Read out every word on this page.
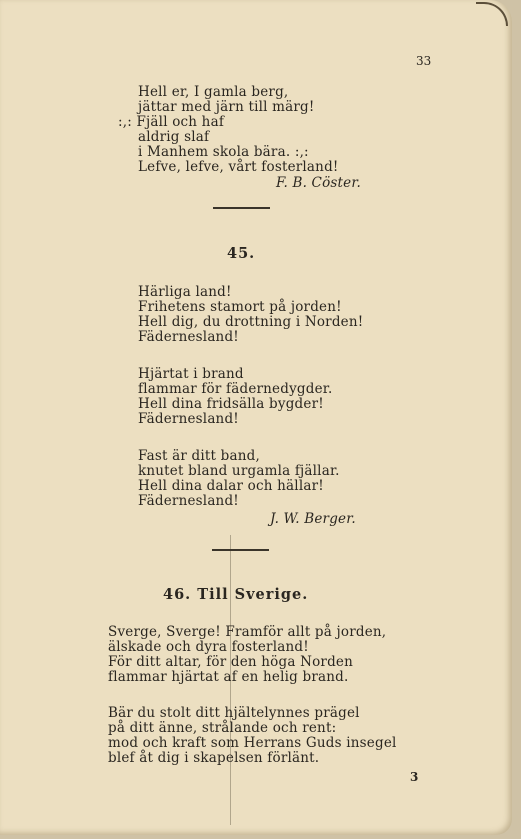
33
Hell er, I gamla berg,
jättar med järn till märg!
:,: Fjäll och haf
aldrig slaf
i Manhem skola bära. :,:
Lefve, lefve, vårt fosterland!
F. B. Cöster.
45.
Härliga land!
Frihetens stamort på jorden!
Hell dig, du drottning i Norden!
Fädernesland!
Hjärtat i brand
flammar för fädernedygder.
Hell dina fridsälla bygder!
Fädernesland!
Fast är ditt band,
knutet bland urgamla fjällar.
Hell dina dalar och hällar!
Fädernesland!
J. W. Berger.
46. Till Sverige.
Sverge, Sverge! Framför allt på jorden,
älskade och dyra fosterland!
För ditt altar, för den höga Norden
flammar hjärtat af en helig brand.
Bär du stolt ditt hjältelynnes prägel
på ditt änne, strålande och rent:
mod och kraft som Herrans Guds insegel
blef åt dig i skapelsen förlänt.
3
